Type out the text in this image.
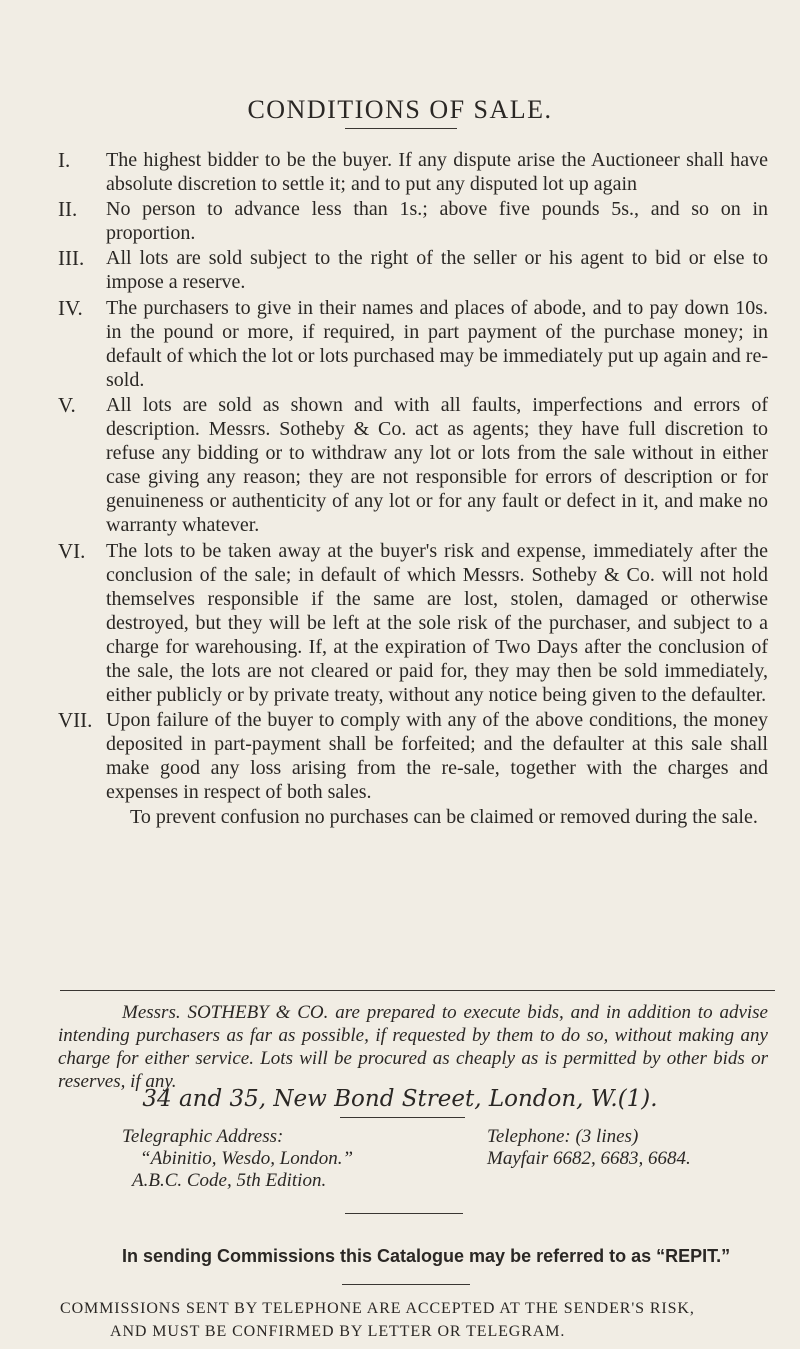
CONDITIONS OF SALE.
I.	The highest bidder to be the buyer. If any dispute arise the Auctioneer shall have absolute discretion to settle it; and to put any disputed lot up again

II.	No person to advance less than 1s.; above five pounds 5s., and so on in proportion.

III.	All lots are sold subject to the right of the seller or his agent to bid or else to impose a reserve.

IV.	The purchasers to give in their names and places of abode, and to pay down 10s. in the pound or more, if required, in part payment of the purchase money; in default of which the lot or lots purchased may be immediately put up again and re-sold.

V.	All lots are sold as shown and with all faults, imperfections and errors of description. Messrs. Sotheby & Co. act as agents; they have full discretion to refuse any bidding or to withdraw any lot or lots from the sale without in either case giving any reason; they are not responsible for errors of description or for genuineness or authenticity of any lot or for any fault or defect in it, and make no warranty whatever.

VI.	The lots to be taken away at the buyer's risk and expense, immediately after the conclusion of the sale; in default of which Messrs. Sotheby & Co. will not hold themselves responsible if the same are lost, stolen, damaged or otherwise destroyed, but they will be left at the sole risk of the purchaser, and subject to a charge for warehousing. If, at the expiration of Two Days after the conclusion of the sale, the lots are not cleared or paid for, they may then be sold immediately, either publicly or by private treaty, without any notice being given to the defaulter.

VII. Upon failure of the buyer to comply with any of the above conditions, the money deposited in part-payment shall be forfeited; and the defaulter at this sale shall make good any loss arising from the re-sale, together with the charges and expenses in respect of both sales.

To prevent confusion no purchases can be claimed or removed during the sale.

Messrs. SOTHEBY & CO. are prepared to execute bids, and in addition to advise intending purchasers as far as possible, if requested by them to do so, without making any charge for either service. Lots will be procured as cheaply as is permitted by other bids or reserves, if any.

34 and 35, New Bond Street, London, W.(1).
Telegraphic Address:
“Abinitio, Wesdo, London.”
A.B.C. Code, 5th Edition.
Telephone: (3 lines)
Mayfair 6682, 6683, 6684.
In sending Commissions this Catalogue may be referred to as “REPIT.”
COMMISSIONS SENT BY TELEPHONE ARE ACCEPTED AT THE SENDER'S RISK,
AND MUST BE CONFIRMED BY LETTER OR TELEGRAM.
